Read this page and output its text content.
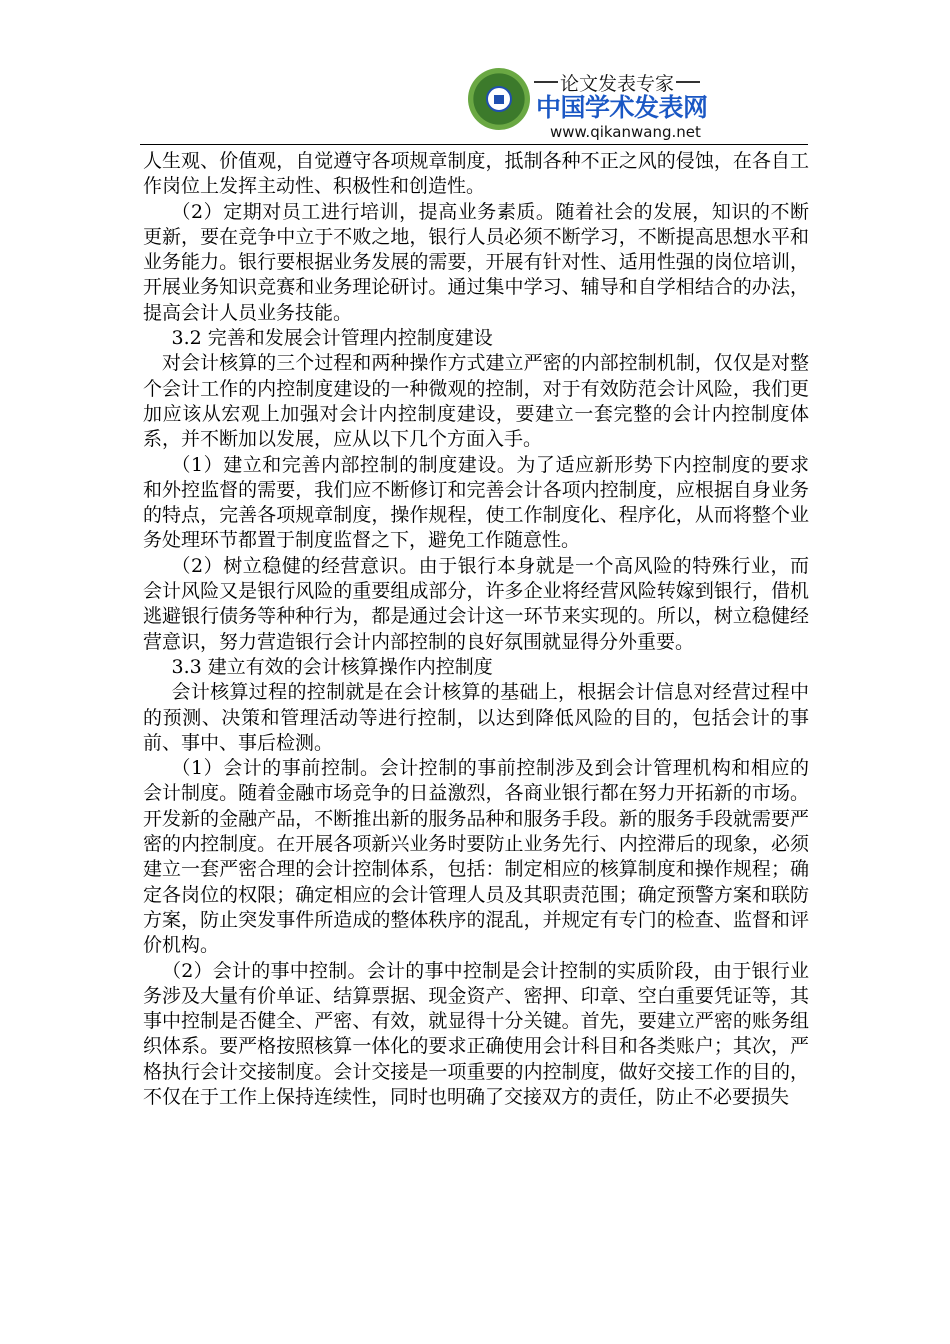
论文发表专家
中国学术发表网
www.qikanwang.net

人生观、价值观，自觉遵守各项规章制度，抵制各种不正之风的侵蚀，在各自工作岗位上发挥主动性、积极性和创造性。

（2）定期对员工进行培训，提高业务素质。随着社会的发展，知识的不断更新，要在竞争中立于不败之地，银行人员必须不断学习，不断提高思想水平和业务能力。银行要根据业务发展的需要，开展有针对性、适用性强的岗位培训，开展业务知识竞赛和业务理论研讨。通过集中学习、辅导和自学相结合的办法，提高会计人员业务技能。

3.2 完善和发展会计管理内控制度建设

对会计核算的三个过程和两种操作方式建立严密的内部控制机制，仅仅是对整个会计工作的内控制度建设的一种微观的控制，对于有效防范会计风险，我们更加应该从宏观上加强对会计内控制度建设，要建立一套完整的会计内控制度体系，并不断加以发展，应从以下几个方面入手。

（1）建立和完善内部控制的制度建设。为了适应新形势下内控制度的要求和外控监督的需要，我们应不断修订和完善会计各项内控制度，应根据自身业务的特点，完善各项规章制度，操作规程，使工作制度化、程序化，从而将整个业务处理环节都置于制度监督之下，避免工作随意性。

（2）树立稳健的经营意识。由于银行本身就是一个高风险的特殊行业，而会计风险又是银行风险的重要组成部分，许多企业将经营风险转嫁到银行，借机逃避银行债务等种种行为，都是通过会计这一环节来实现的。所以，树立稳健经营意识，努力营造银行会计内部控制的良好氛围就显得分外重要。

3.3 建立有效的会计核算操作内控制度

会计核算过程的控制就是在会计核算的基础上，根据会计信息对经营过程中的预测、决策和管理活动等进行控制，以达到降低风险的目的，包括会计的事前、事中、事后检测。

（1）会计的事前控制。会计控制的事前控制涉及到会计管理机构和相应的会计制度。随着金融市场竞争的日益激烈，各商业银行都在努力开拓新的市场。开发新的金融产品，不断推出新的服务品种和服务手段。新的服务手段就需要严密的内控制度。在开展各项新兴业务时要防止业务先行、内控滞后的现象，必须建立一套严密合理的会计控制体系，包括：制定相应的核算制度和操作规程；确定各岗位的权限；确定相应的会计管理人员及其职责范围；确定预警方案和联防方案，防止突发事件所造成的整体秩序的混乱，并规定有专门的检查、监督和评价机构。

（2）会计的事中控制。会计的事中控制是会计控制的实质阶段，由于银行业务涉及大量有价单证、结算票据、现金资产、密押、印章、空白重要凭证等，其事中控制是否健全、严密、有效，就显得十分关键。首先，要建立严密的账务组织体系。要严格按照核算一体化的要求正确使用会计科目和各类账户；其次，严格执行会计交接制度。会计交接是一项重要的内控制度，做好交接工作的目的，不仅在于工作上保持连续性，同时也明确了交接双方的责任，防止不必要损失
